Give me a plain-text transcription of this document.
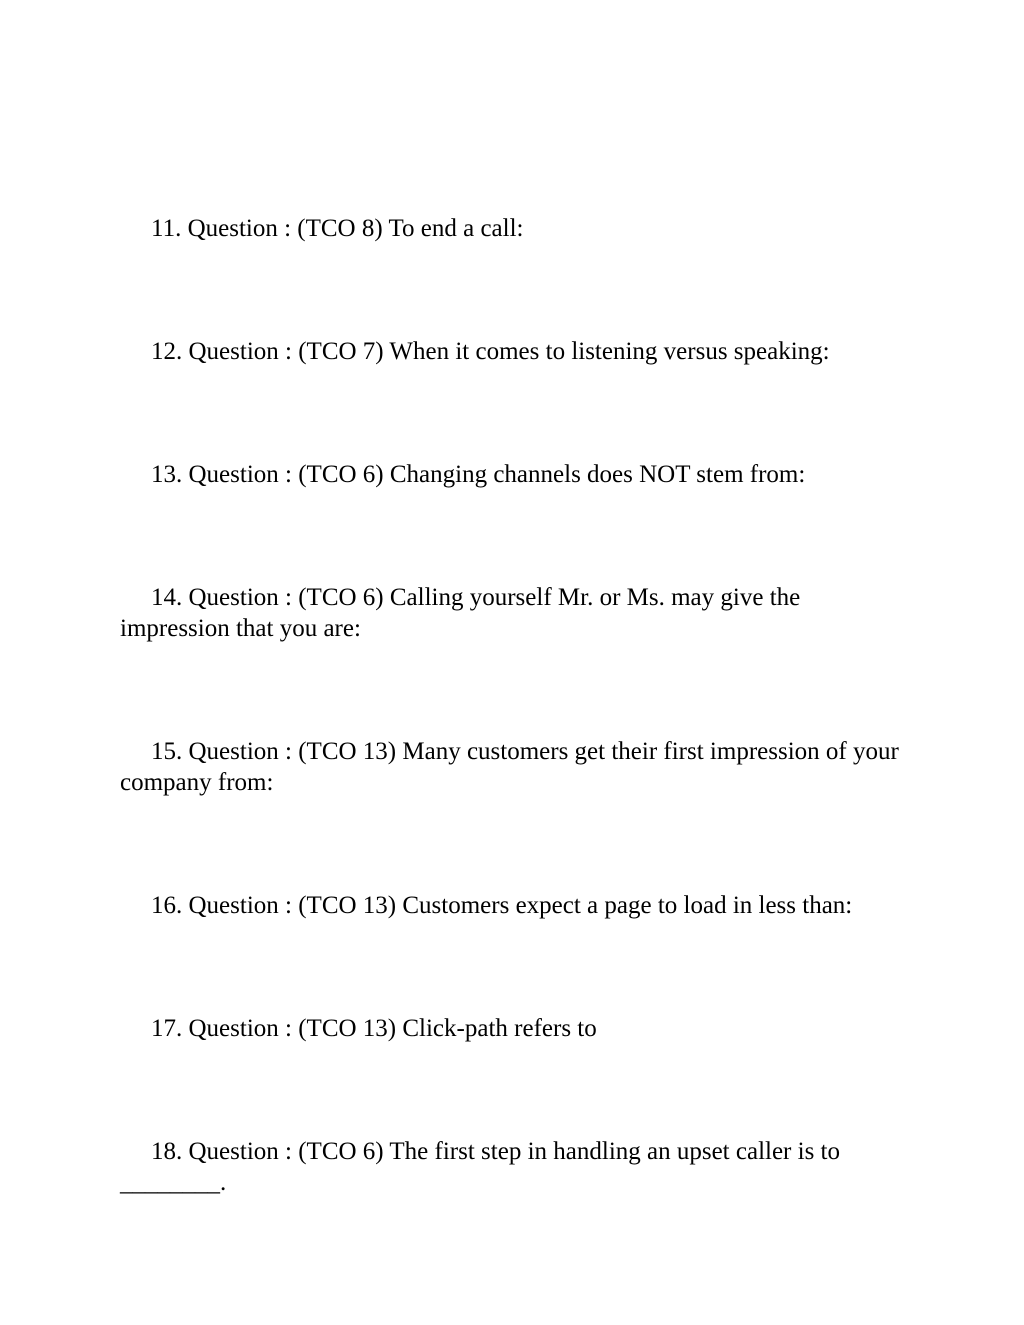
11. Question : (TCO 8) To end a call:

12. Question : (TCO 7) When it comes to listening versus speaking:

13. Question : (TCO 6) Changing channels does NOT stem from:

14. Question : (TCO 6) Calling yourself Mr. or Ms. may give the impression that you are:

15. Question : (TCO 13) Many customers get their first impression of your company from:

16. Question : (TCO 13) Customers expect a page to load in less than:

17. Question : (TCO 13) Click-path refers to

18. Question : (TCO 6) The first step in handling an upset caller is to ________.
